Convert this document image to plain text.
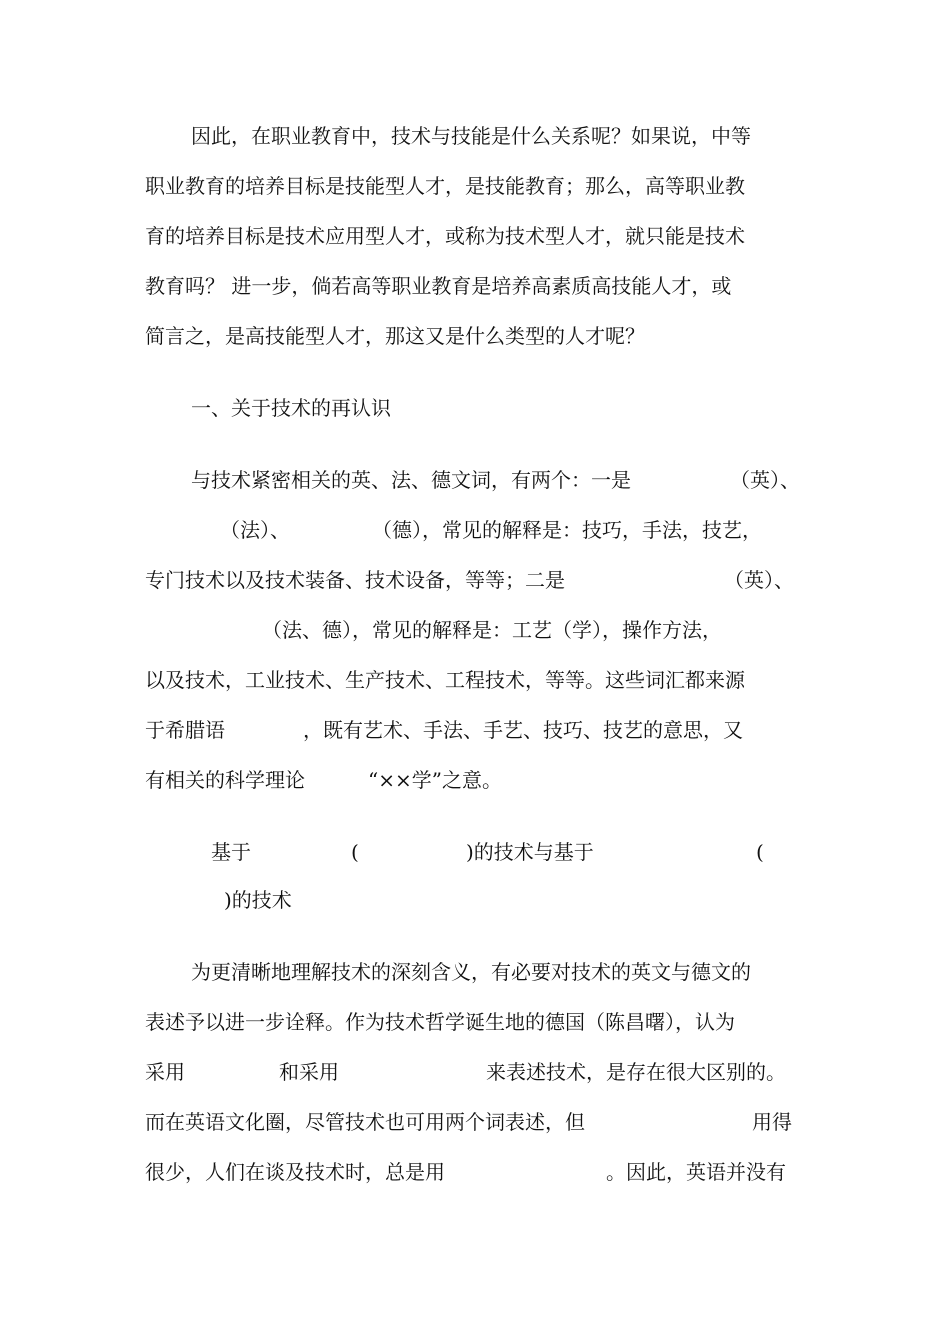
因此，在职业教育中，技术与技能是什么关系呢？如果说，中等

职业教育的培养目标是技能型人才，是技能教育；那么，高等职业教

育的培养目标是技术应用型人才，或称为技术型人才，就只能是技术

教育吗？ 进一步，倘若高等职业教育是培养高素质高技能人才，或

简言之，是高技能型人才，那这又是什么类型的人才呢？

一、关于技术的再认识

与技术紧密相关的英、法、德文词，有两个：一是	（英）、
（法）、	（德），常见的解释是：技巧，手法，技艺，
专门技术以及技术装备、技术设备，等等；二是	（英）、
（法、德），常见的解释是：工艺（学），操作方法，
以及技术，工业技术、生产技术、工程技术，等等。这些词汇都来源
于希腊语	，既有艺术、手法、手艺、技巧、技艺的意思，又
有相关的科学理论	“××学”之意。
基于	(	)的技术与基于	(
)的技术
为更清晰地理解技术的深刻含义，有必要对技术的英文与德文的
表述予以进一步诠释。作为技术哲学诞生地的德国（陈昌曙），认为
采用	和采用	来表述技术，是存在很大区别的。
而在英语文化圈，尽管技术也可用两个词表述，但	用得
很少，人们在谈及技术时，总是用	。因此，英语并没有
